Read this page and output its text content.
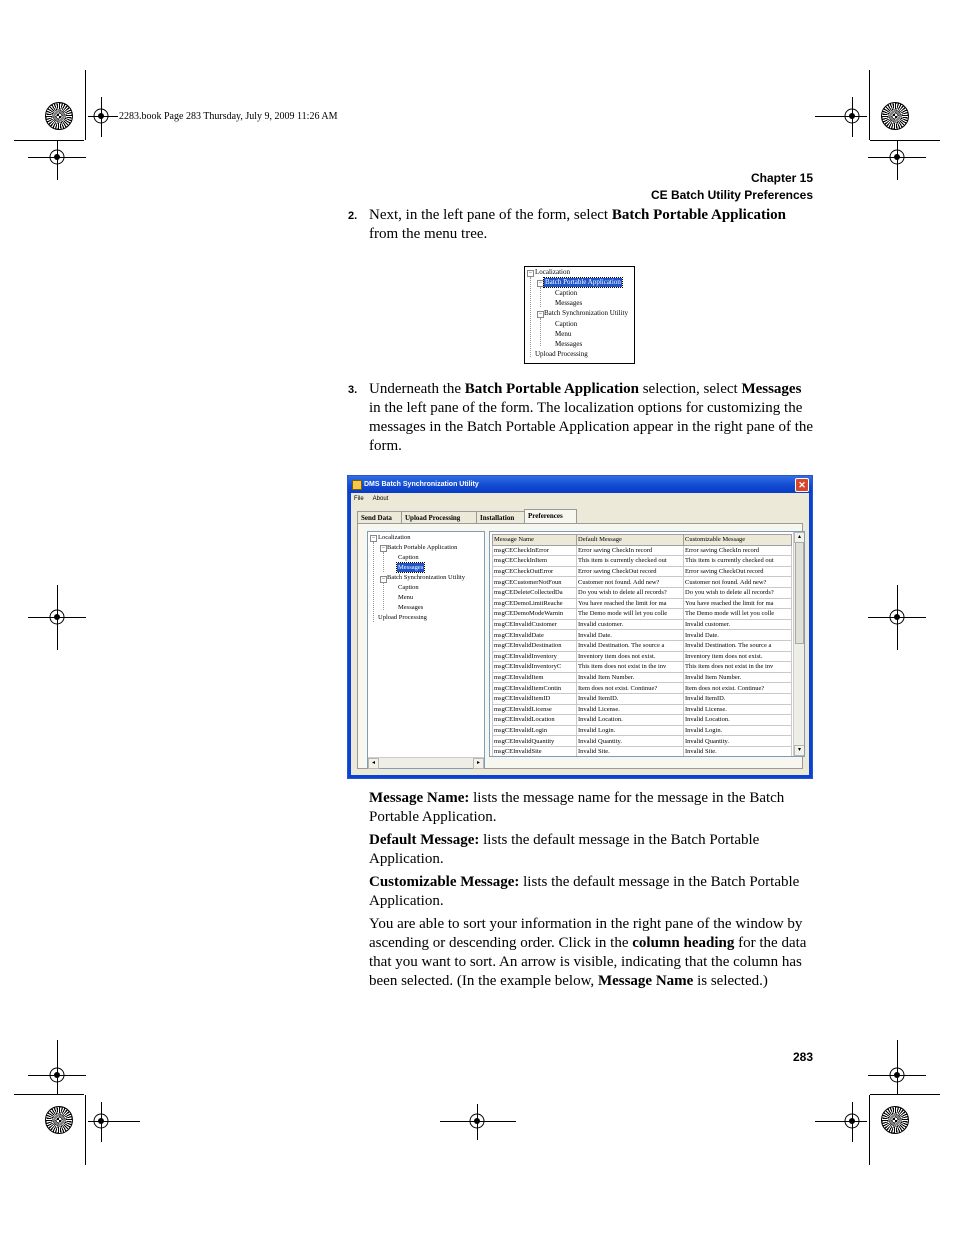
2283.book Page 283 Thursday, July 9, 2009 11:26 AM
Chapter 15
CE Batch Utility Preferences
2. Next, in the left pane of the form, select Batch Portable Application from the menu tree.
− Localization
− Batch Portable Application
Caption
Messages
− Batch Synchronization Utility
Caption
Menu
Messages
Upload Processing
3. Underneath the Batch Portable Application selection, select Messages in the left pane of the form. The localization options for customizing the messages in the Batch Portable Application appear in the right pane of the form.
DMS Batch Synchronization Utility	✕
File About
Send Data	Upload Processing	Installation	Preferences
− Localization
− Batch Portable Application
Caption
Messages
− Batch Synchronization Utility
Caption
Menu
Messages
Upload Processing
◂	▸
Message Name	Default Message	Customizable Message
msgCECheckInError	Error saving CheckIn record	Error saving CheckIn record
msgCECheckInItem	This item is currently checked out	This item is currently checked out
msgCECheckOutError	Error saving CheckOut record	Error saving CheckOut record
msgCECustomerNotFoun	Customer not found. Add new?	Customer not found. Add new?
msgCEDeleteCollectedDa	Do you wish to delete all records?	Do you wish to delete all records?
msgCEDemoLimitReache	You have reached the limit for ma	You have reached the limit for ma
msgCEDemoModeWarnin	The Demo mode will let you colle	The Demo mode will let you colle
msgCEInvalidCustomer	Invalid customer.	Invalid customer.
msgCEInvalidDate	Invalid Date.	Invalid Date.
msgCEInvalidDestination	Invalid Destination. The source a	Invalid Destination. The source a
msgCEInvalidInventory	Inventory item does not exist.	Inventory item does not exist.
msgCEInvalidInventoryC	This item does not exist in the inv	This item does not exist in the inv
msgCEInvalidItem	Invalid Item Number.	Invalid Item Number.
msgCEInvalidItemContin	Item does not exist. Continue?	Item does not exist. Continue?
msgCEInvalidItemID	Invalid ItemID.	Invalid ItemID.
msgCEInvalidLicense	Invalid License.	Invalid License.
msgCEInvalidLocation	Invalid Location.	Invalid Location.
msgCEInvalidLogin	Invalid Login.	Invalid Login.
msgCEInvalidQuantity	Invalid Quantity.	Invalid Quantity.
msgCEInvalidSite	Invalid Site.	Invalid Site.
▴
▾

Message Name: lists the message name for the message in the Batch Portable Application.

Default Message: lists the default message in the Batch Portable Application.

Customizable Message: lists the default message in the Batch Portable Application.

You are able to sort your information in the right pane of the window by ascending or descending order. Click in the column heading for the data that you want to sort. An arrow is visible, indicating that the column has been selected. (In the example below, Message Name is selected.)

283
